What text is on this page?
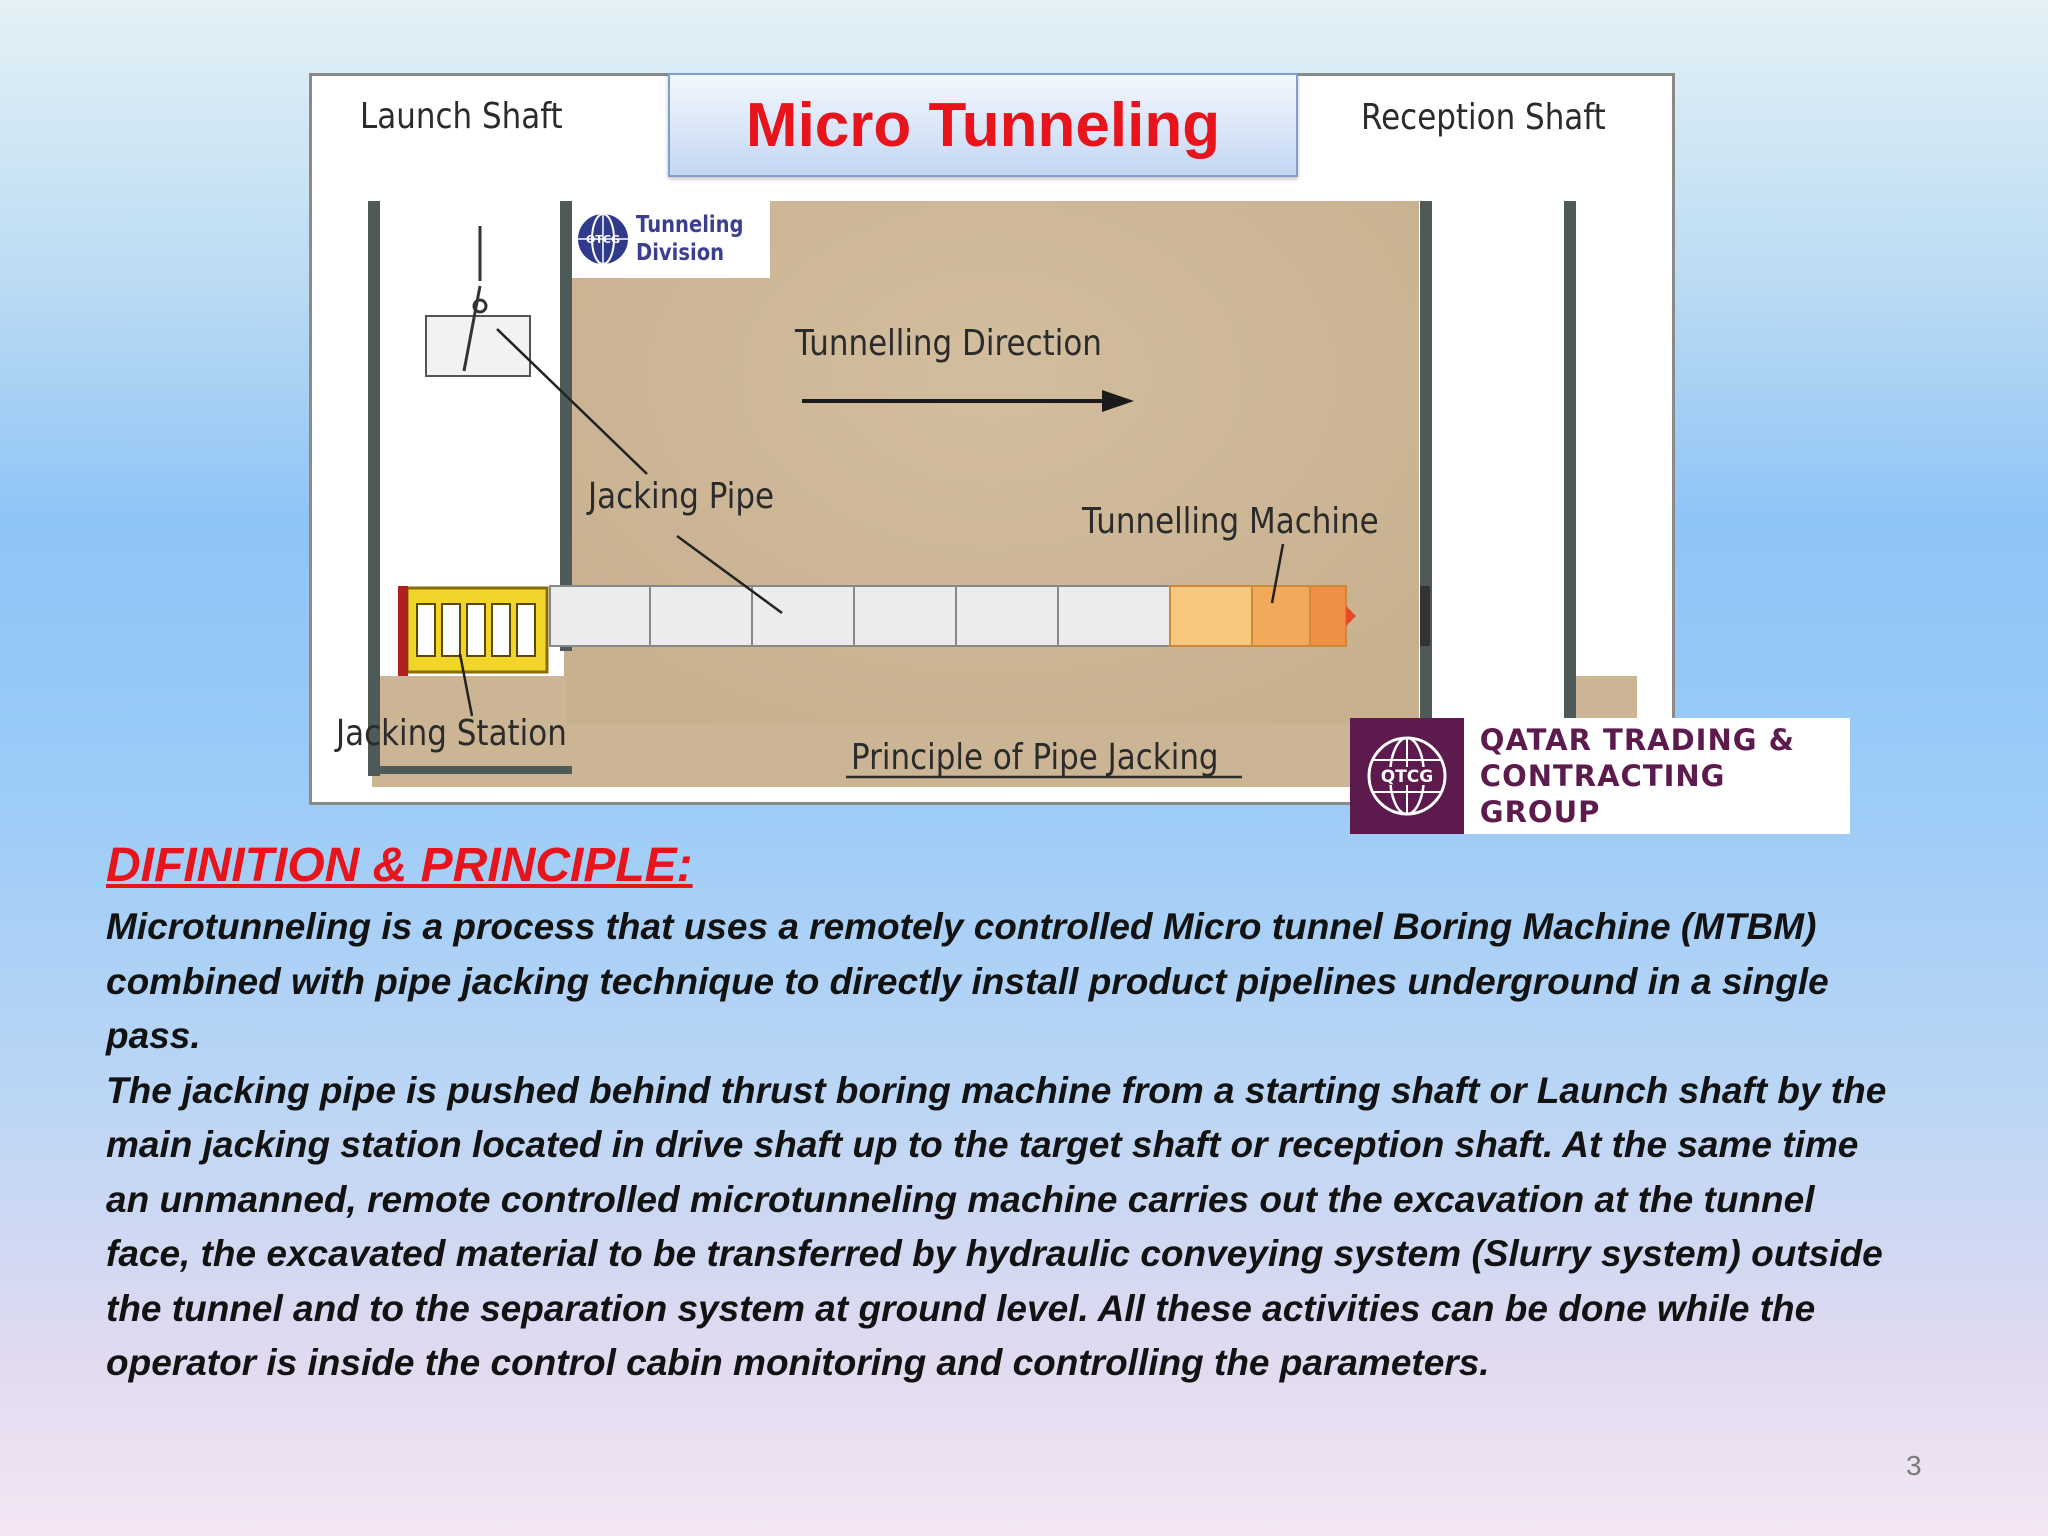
Micro Tunneling
Launch Shaft	Reception Shaft
Tunnelling Direction
Jacking Pipe
Tunnelling Machine
Jacking Station
Principle of Pipe Jacking
QTCG
Tunneling
Division
QTCG
QATAR TRADING &
CONTRACTING GROUP
DIFINITION & PRINCIPLE:

Microtunneling is a process that uses a remotely controlled Micro tunnel Boring Machine (MTBM) combined with pipe jacking technique to directly install product pipelines underground in a single pass.

The jacking pipe is pushed behind thrust boring machine from a starting shaft or Launch shaft by the main jacking station located in drive shaft up to the target shaft or reception shaft. At the same time an unmanned, remote controlled microtunneling machine carries out the excavation at the tunnel face, the excavated material to be transferred by hydraulic conveying system (Slurry system) outside the tunnel and to the separation system at ground level. All these activities can be done while the operator is inside the control cabin monitoring and controlling the parameters.

3
